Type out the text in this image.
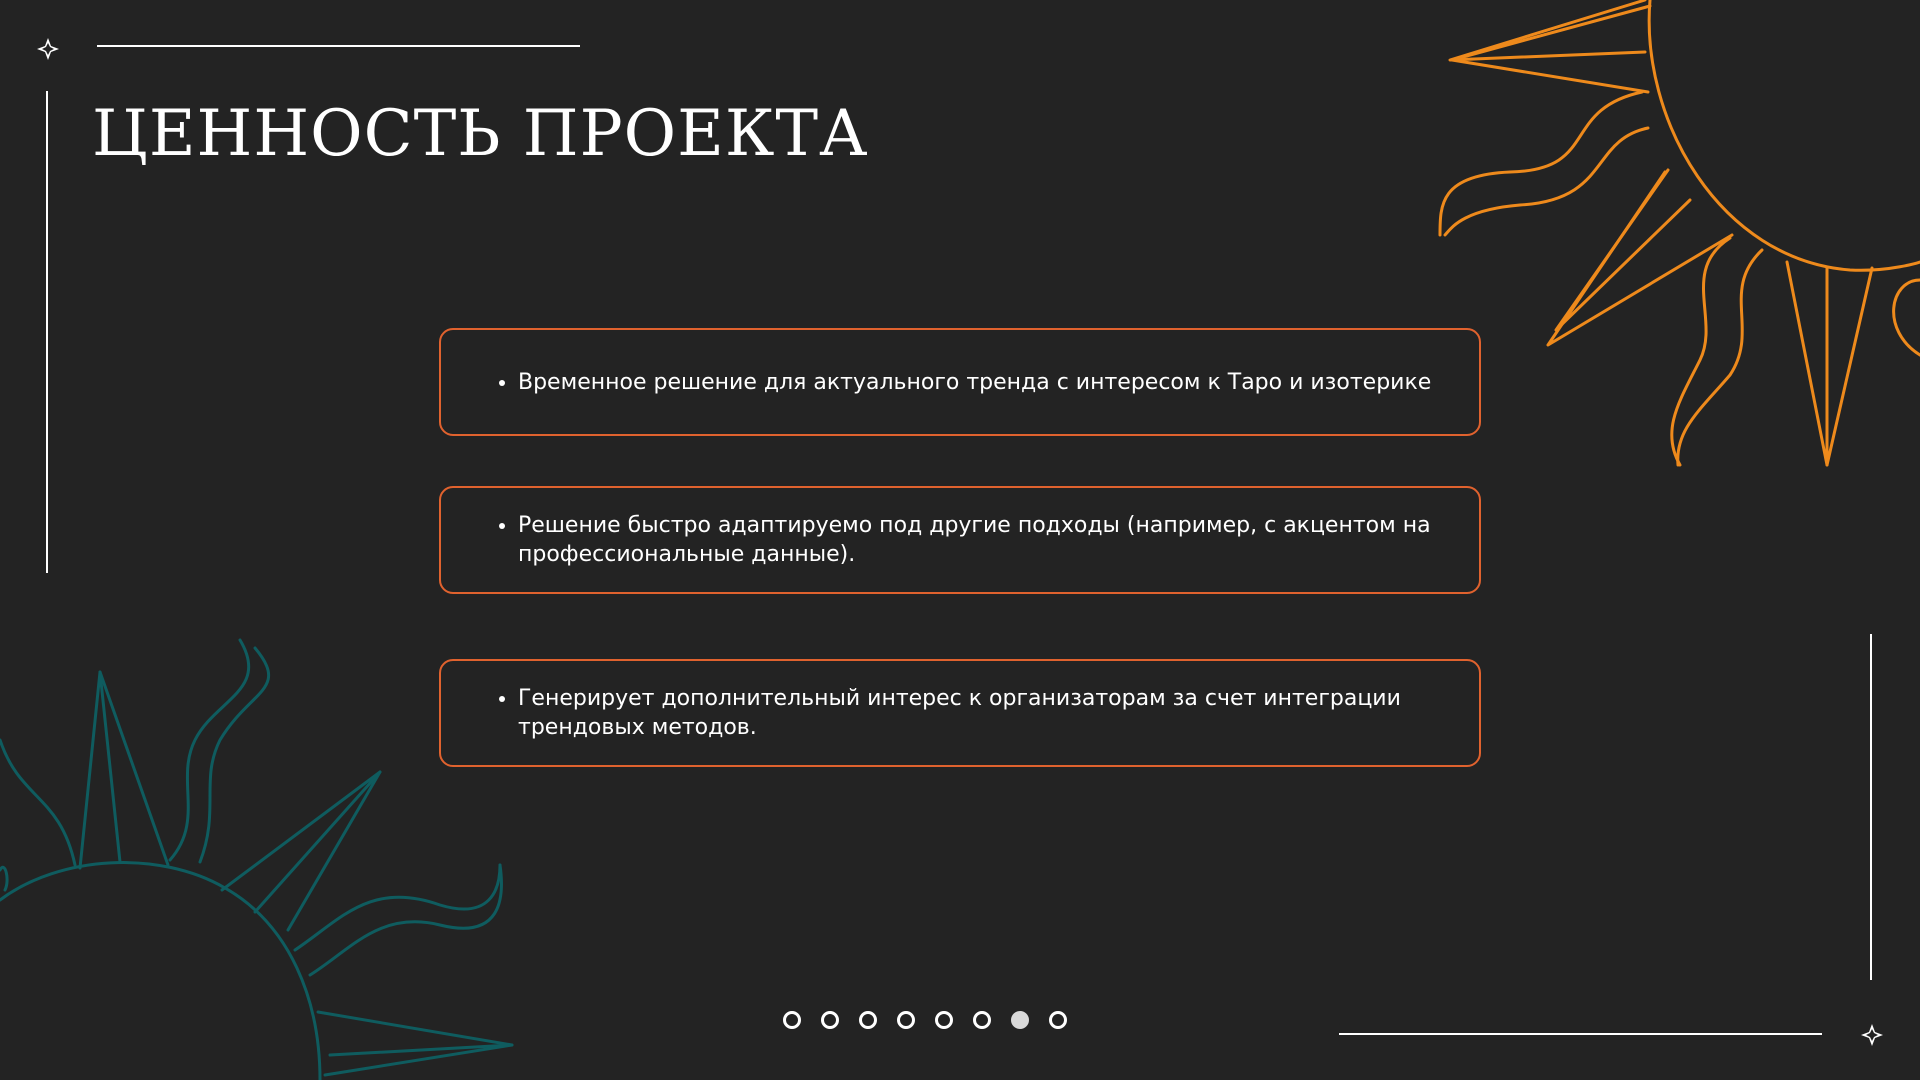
ЦЕННОСТЬ ПРОЕКТА
• Временное решение для актуального тренда с интересом к Таро и изотерике
• Решение быстро адаптируемо под другие подходы (например, с акцентом на профессиональные данные).
• Генерирует дополнительный интерес к организаторам за счет интеграции трендовых методов.
